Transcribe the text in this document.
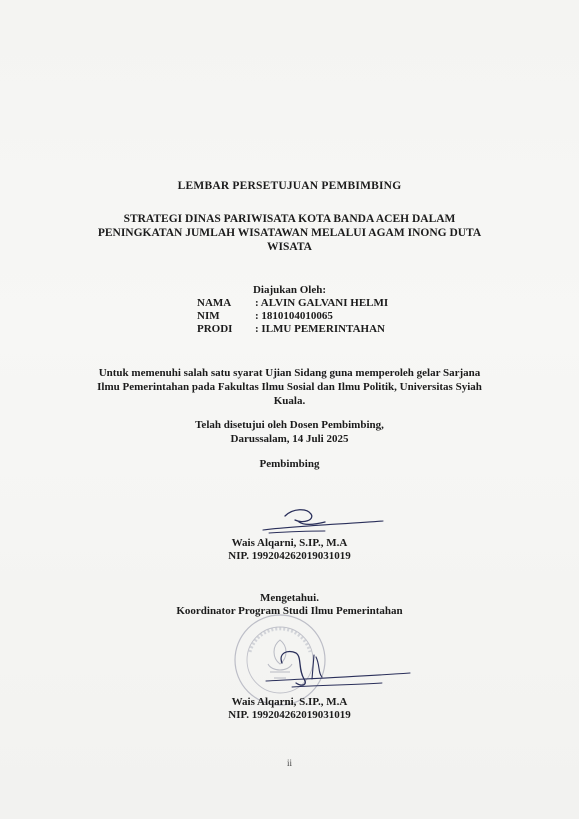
LEMBAR PERSETUJUAN PEMBIMBING
STRATEGI DINAS PARIWISATA KOTA BANDA ACEH DALAM
PENINGKATAN JUMLAH WISATAWAN MELALUI AGAM INONG DUTA
WISATA
Diajukan Oleh:
NAMA	: ALVIN GALVANI HELMI
NIM	: 1810104010065
PRODI	: ILMU PEMERINTAHAN
Untuk memenuhi salah satu syarat Ujian Sidang guna memperoleh gelar Sarjana
Ilmu Pemerintahan pada Fakultas Ilmu Sosial dan Ilmu Politik, Universitas Syiah
Kuala.
Telah disetujui oleh Dosen Pembimbing,
Darussalam, 14 Juli 2025
Pembimbing
Wais Alqarni, S.IP., M.A
NIP. 199204262019031019
Mengetahui.
Koordinator Program Studi Ilmu Pemerintahan
Wais Alqarni, S.IP., M.A
NIP. 199204262019031019
ii
